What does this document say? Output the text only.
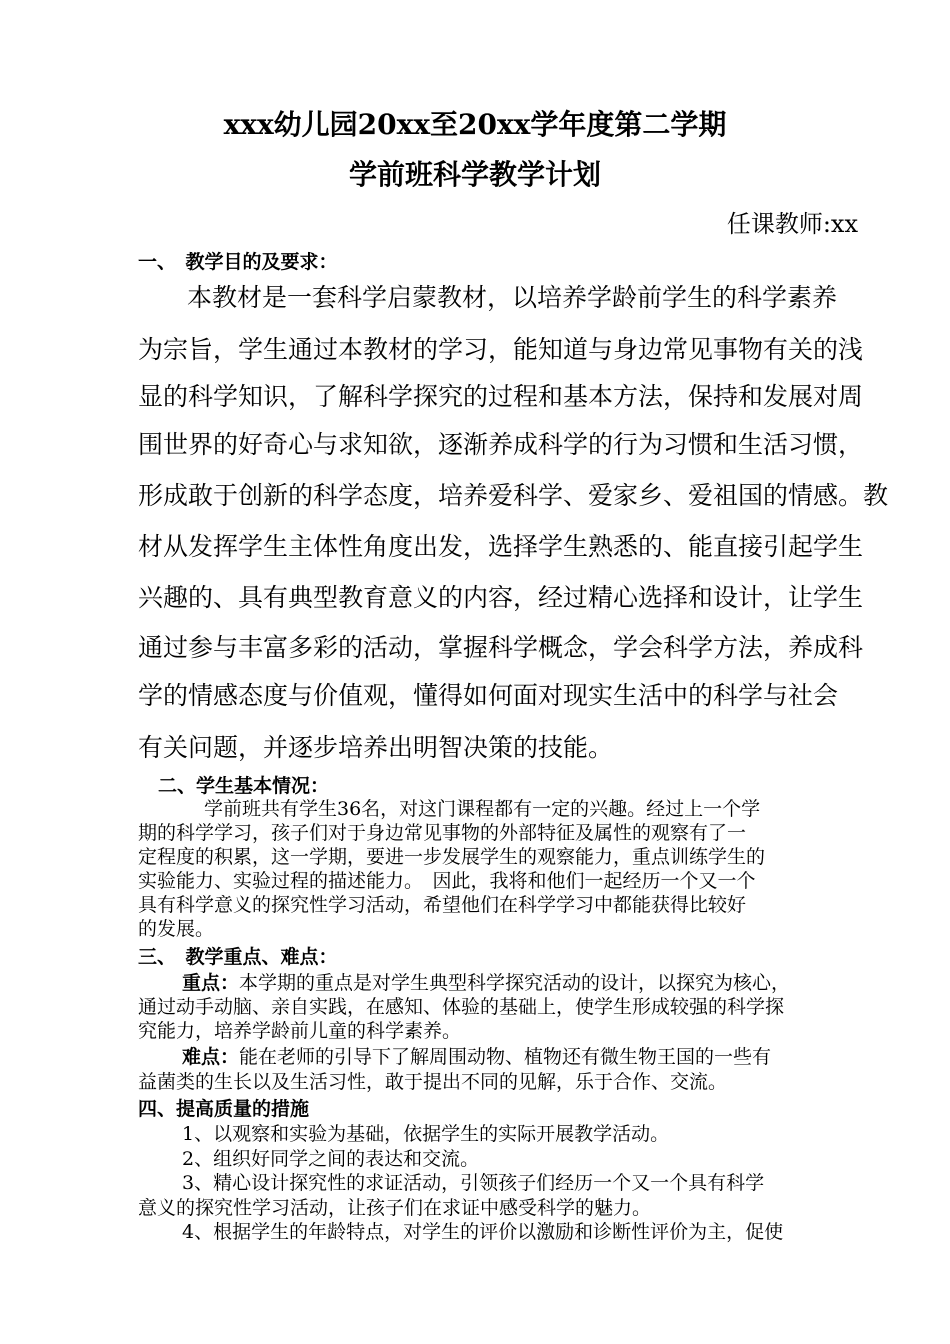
xxx幼儿园20xx至20xx学年度第二学期
学前班科学教学计划
任课教师:xx
一、　教学目的及要求：
本教材是一套科学启蒙教材，以培养学龄前学生的科学素养
为宗旨，学生通过本教材的学习，能知道与身边常见事物有关的浅
显的科学知识，了解科学探究的过程和基本方法，保持和发展对周
围世界的好奇心与求知欲，逐渐养成科学的行为习惯和生活习惯，
形成敢于创新的科学态度，培养爱科学、爱家乡、爱祖国的情感。教
材从发挥学生主体性角度出发，选择学生熟悉的、能直接引起学生
兴趣的、具有典型教育意义的内容，经过精心选择和设计，让学生
通过参与丰富多彩的活动，掌握科学概念，学会科学方法，养成科
学的情感态度与价值观，懂得如何面对现实生活中的科学与社会
有关问题，并逐步培养出明智决策的技能。
二、学生基本情况：
学前班共有学生36名，对这门课程都有一定的兴趣。经过上一个学
期的科学学习，孩子们对于身边常见事物的外部特征及属性的观察有了一
定程度的积累，这一学期，要进一步发展学生的观察能力，重点训练学生的
实验能力、实验过程的描述能力。　因此，我将和他们一起经历一个又一个
具有科学意义的探究性学习活动，希望他们在科学学习中都能获得比较好
的发展。
三、　教学重点、难点：
重点：本学期的重点是对学生典型科学探究活动的设计，以探究为核心，
通过动手动脑、亲自实践，在感知、体验的基础上，使学生形成较强的科学探
究能力，培养学龄前儿童的科学素养。
难点：能在老师的引导下了解周围动物、植物还有微生物王国的一些有
益菌类的生长以及生活习性，敢于提出不同的见解，乐于合作、交流。
四、提高质量的措施
1、以观察和实验为基础，依据学生的实际开展教学活动。
2、组织好同学之间的表达和交流。
3、精心设计探究性的求证活动，引领孩子们经历一个又一个具有科学
意义的探究性学习活动，让孩子们在求证中感受科学的魅力。
4、根据学生的年龄特点，对学生的评价以激励和诊断性评价为主，促使
